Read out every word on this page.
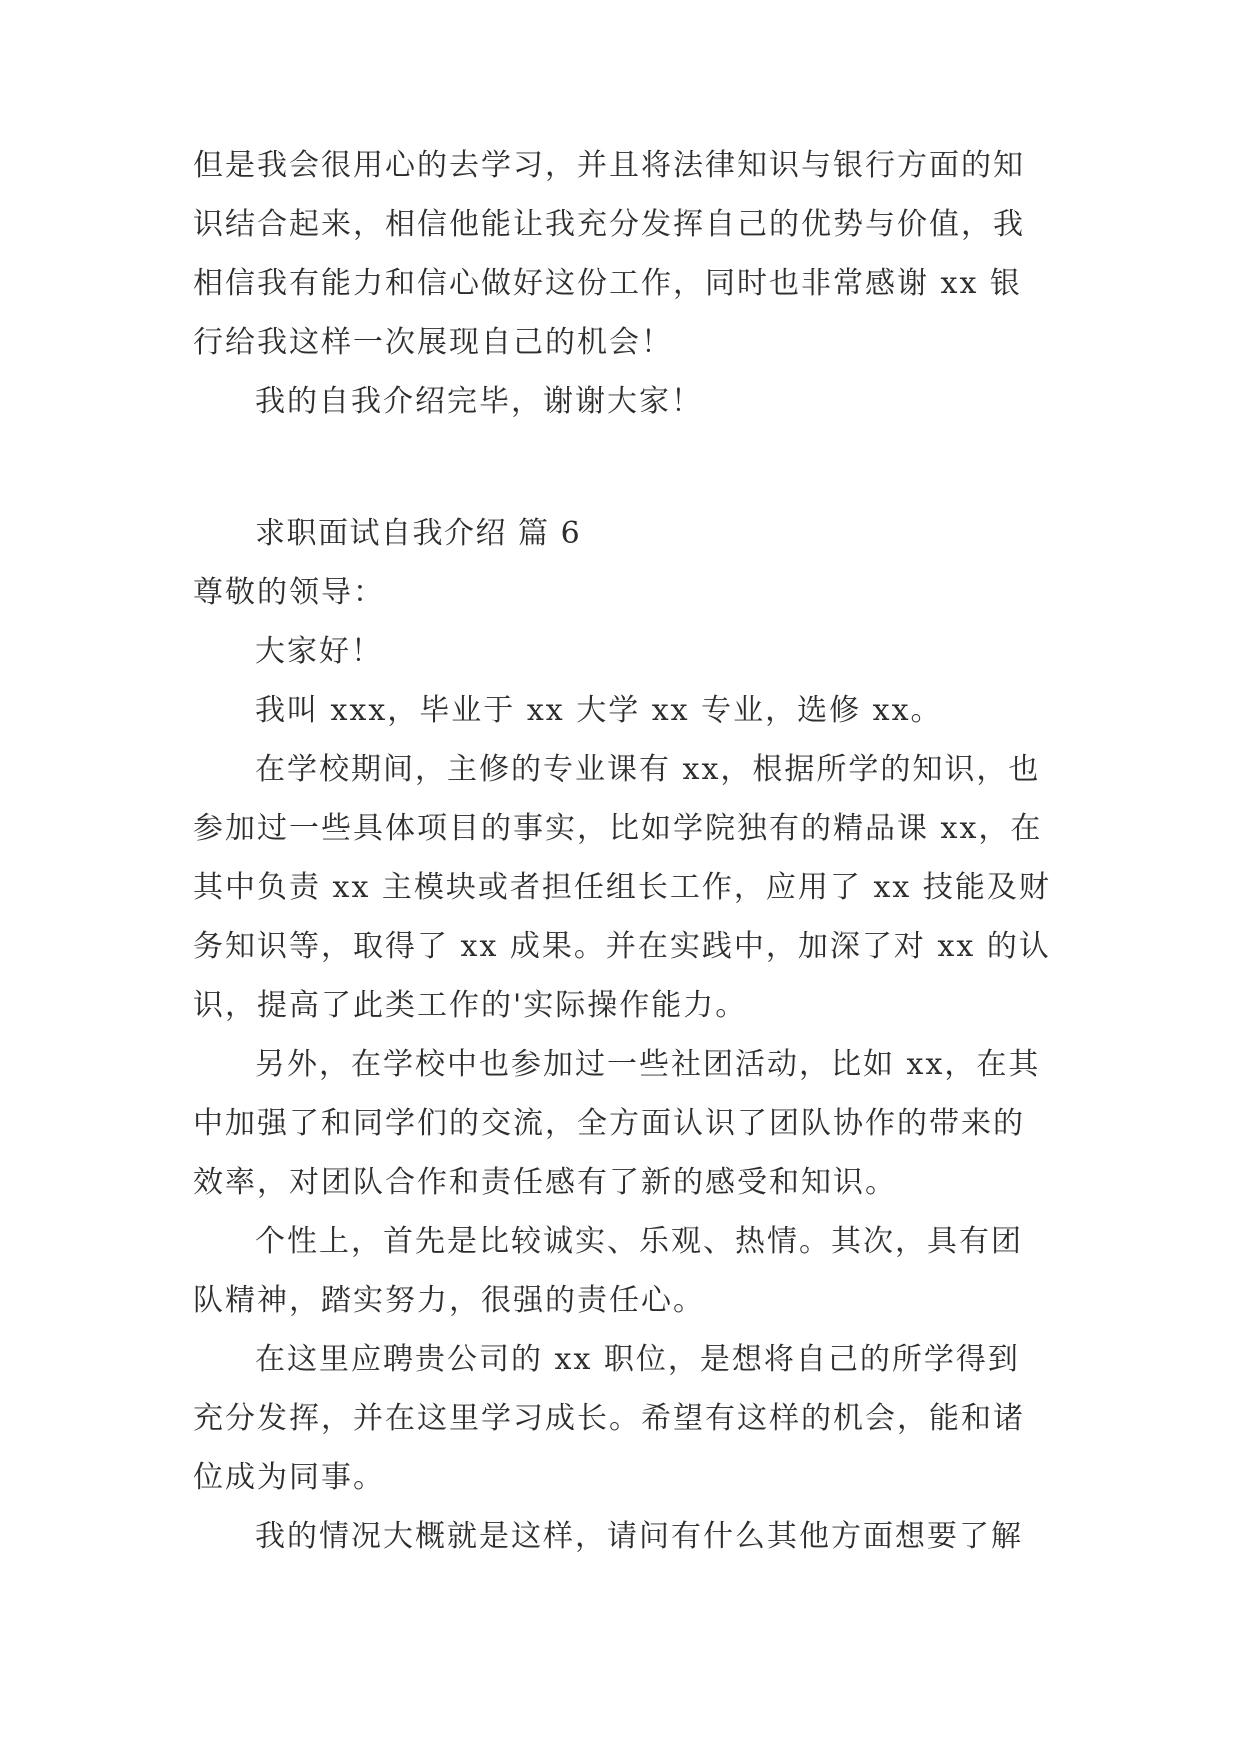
但是我会很用心的去学习，并且将法律知识与银行方面的知
识结合起来，相信他能让我充分发挥自己的优势与价值，我
相信我有能力和信心做好这份工作，同时也非常感谢 xx 银
行给我这样一次展现自己的机会！
我的自我介绍完毕，谢谢大家！
求职面试自我介绍 篇 6
尊敬的领导：
大家好！
我叫 xxx，毕业于 xx 大学 xx 专业，选修 xx。
在学校期间，主修的专业课有 xx，根据所学的知识，也
参加过一些具体项目的事实，比如学院独有的精品课 xx，在
其中负责 xx 主模块或者担任组长工作，应用了 xx 技能及财
务知识等，取得了 xx 成果。并在实践中，加深了对 xx 的认
识，提高了此类工作的'实际操作能力。
另外，在学校中也参加过一些社团活动，比如 xx，在其
中加强了和同学们的交流，全方面认识了团队协作的带来的
效率，对团队合作和责任感有了新的感受和知识。
个性上，首先是比较诚实、乐观、热情。其次，具有团
队精神，踏实努力，很强的责任心。
在这里应聘贵公司的 xx 职位，是想将自己的所学得到
充分发挥，并在这里学习成长。希望有这样的机会，能和诸
位成为同事。
我的情况大概就是这样，请问有什么其他方面想要了解
